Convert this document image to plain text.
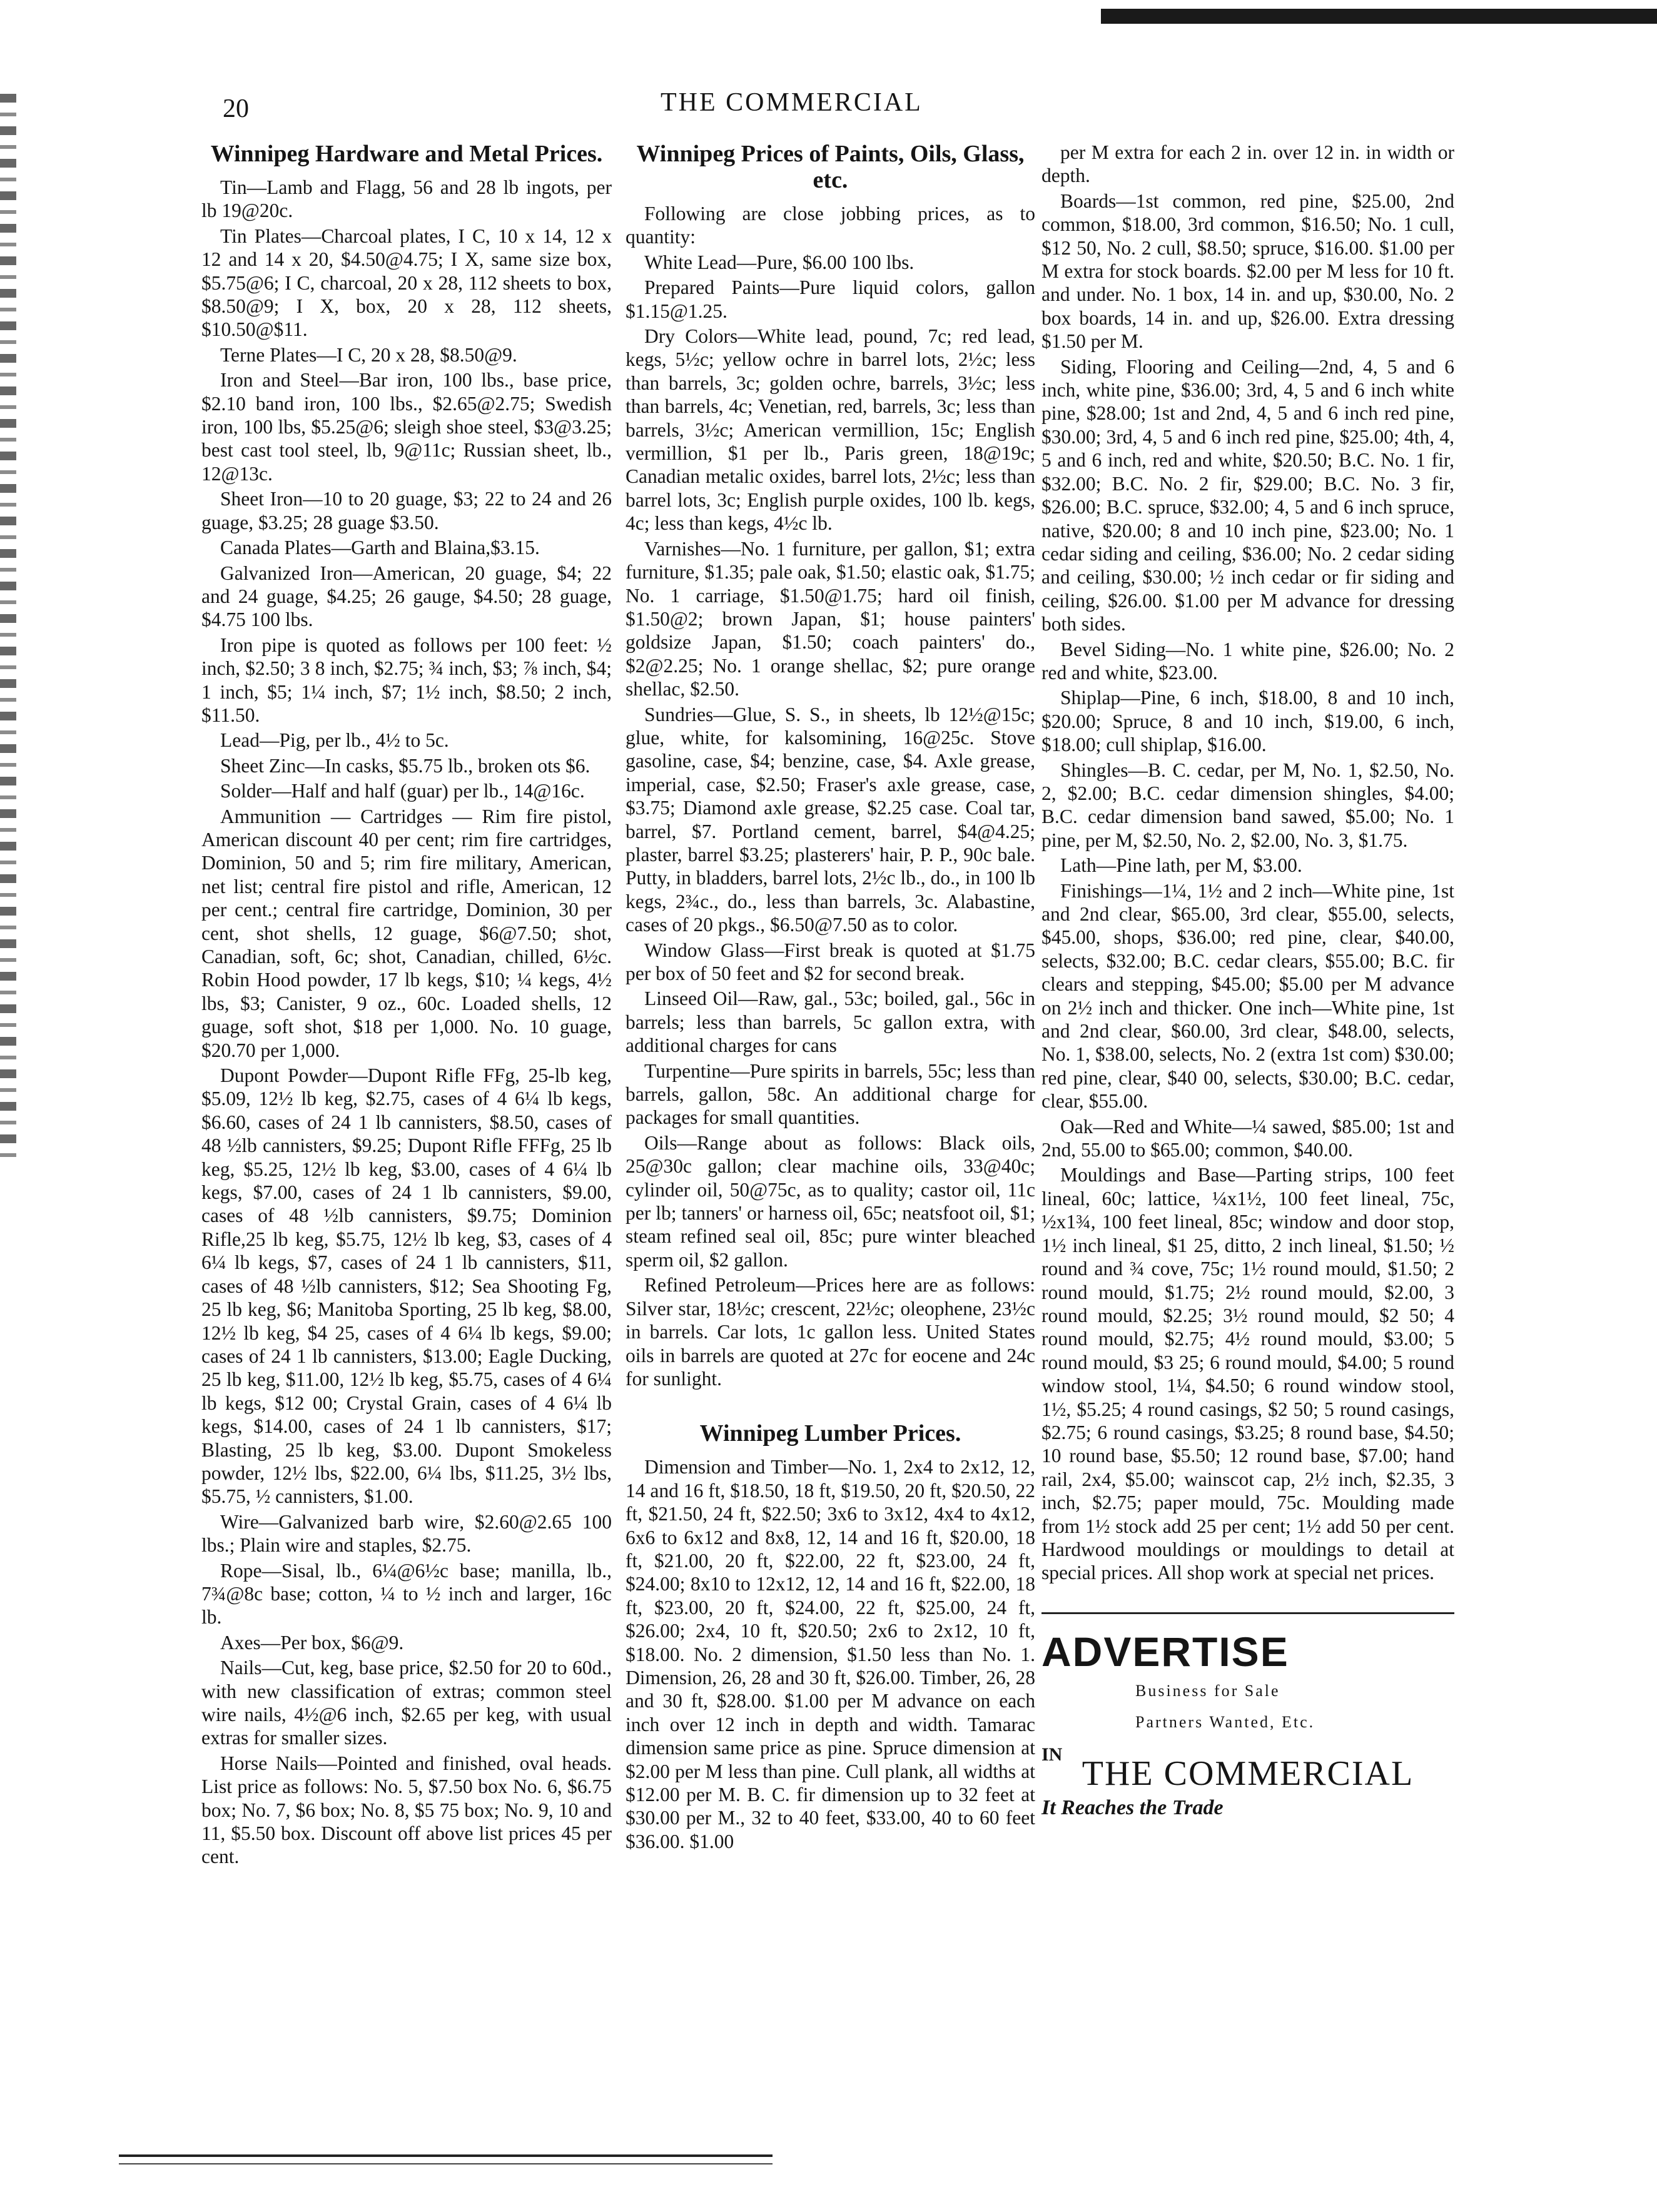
20	THE COMMERCIAL
Winnipeg Hardware and Metal Prices.

Tin—Lamb and Flagg, 56 and 28 lb ingots, per lb 19@20c.

Tin Plates—Charcoal plates, I C, 10 x 14, 12 x 12 and 14 x 20, $4.50@4.75; I X, same size box, $5.75@6; I C, charcoal, 20 x 28, 112 sheets to box, $8.50@9; I X, box, 20 x 28, 112 sheets, $10.50@$11.

Terne Plates—I C, 20 x 28, $8.50@9.

Iron and Steel—Bar iron, 100 lbs., base price, $2.10 band iron, 100 lbs., $2.65@2.75; Swedish iron, 100 lbs, $5.25@6; sleigh shoe steel, $3@3.25; best cast tool steel, lb, 9@11c; Russian sheet, lb., 12@13c.

Sheet Iron—10 to 20 guage, $3; 22 to 24 and 26 guage, $3.25; 28 guage $3.50.

Canada Plates—Garth and Blaina,$3.15.

Galvanized Iron—American, 20 guage, $4; 22 and 24 guage, $4.25; 26 gauge, $4.50; 28 guage, $4.75 100 lbs.

Iron pipe is quoted as follows per 100 feet: ½ inch, $2.50; 3 8 inch, $2.75; ¾ inch, $3; ⅞ inch, $4; 1 inch, $5; 1¼ inch, $7; 1½ inch, $8.50; 2 inch, $11.50.

Lead—Pig, per lb., 4½ to 5c.

Sheet Zinc—In casks, $5.75 lb., broken ots $6.

Solder—Half and half (guar) per lb., 14@16c.

Ammunition — Cartridges — Rim fire pistol, American discount 40 per cent; rim fire cartridges, Dominion, 50 and 5; rim fire military, American, net list; central fire pistol and rifle, American, 12 per cent.; central fire cartridge, Dominion, 30 per cent, shot shells, 12 guage, $6@7.50; shot, Canadian, soft, 6c; shot, Canadian, chilled, 6½c. Robin Hood powder, 17 lb kegs, $10; ¼ kegs, 4½ lbs, $3; Canister, 9 oz., 60c. Loaded shells, 12 guage, soft shot, $18 per 1,000. No. 10 guage, $20.70 per 1,000.

Dupont Powder—Dupont Rifle FFg, 25-lb keg, $5.09, 12½ lb keg, $2.75, cases of 4 6¼ lb kegs, $6.60, cases of 24 1 lb cannisters, $8.50, cases of 48 ½lb cannisters, $9.25; Dupont Rifle FFFg, 25 lb keg, $5.25, 12½ lb keg, $3.00, cases of 4 6¼ lb kegs, $7.00, cases of 24 1 lb cannisters, $9.00, cases of 48 ½lb cannisters, $9.75; Dominion Rifle,25 lb keg, $5.75, 12½ lb keg, $3, cases of 4 6¼ lb kegs, $7, cases of 24 1 lb cannisters, $11, cases of 48 ½lb cannisters, $12; Sea Shooting Fg, 25 lb keg, $6; Manitoba Sporting, 25 lb keg, $8.00, 12½ lb keg, $4 25, cases of 4 6¼ lb kegs, $9.00; cases of 24 1 lb cannisters, $13.00; Eagle Ducking, 25 lb keg, $11.00, 12½ lb keg, $5.75, cases of 4 6¼ lb kegs, $12 00; Crystal Grain, cases of 4 6¼ lb kegs, $14.00, cases of 24 1 lb cannisters, $17; Blasting, 25 lb keg, $3.00. Dupont Smokeless powder, 12½ lbs, $22.00, 6¼ lbs, $11.25, 3½ lbs, $5.75, ½ cannisters, $1.00.

Wire—Galvanized barb wire, $2.60@2.65 100 lbs.; Plain wire and staples, $2.75.

Rope—Sisal, lb., 6¼@6½c base; manilla, lb., 7¾@8c base; cotton, ¼ to ½ inch and larger, 16c lb.

Axes—Per box, $6@9.

Nails—Cut, keg, base price, $2.50 for 20 to 60d., with new classification of extras; common steel wire nails, 4½@6 inch, $2.65 per keg, with usual extras for smaller sizes.

Horse Nails—Pointed and finished, oval heads. List price as follows: No. 5, $7.50 box No. 6, $6.75 box; No. 7, $6 box; No. 8, $5 75 box; No. 9, 10 and 11, $5.50 box. Discount off above list prices 45 per cent.

Winnipeg Prices of Paints, Oils, Glass, etc.

Following are close jobbing prices, as to quantity:

White Lead—Pure, $6.00 100 lbs.

Prepared Paints—Pure liquid colors, gallon $1.15@1.25.

Dry Colors—White lead, pound, 7c; red lead, kegs, 5½c; yellow ochre in barrel lots, 2½c; less than barrels, 3c; golden ochre, barrels, 3½c; less than barrels, 4c; Venetian, red, barrels, 3c; less than barrels, 3½c; American vermillion, 15c; English vermillion, $1 per lb., Paris green, 18@19c; Canadian metalic oxides, barrel lots, 2½c; less than barrel lots, 3c; English purple oxides, 100 lb. kegs, 4c; less than kegs, 4½c lb.

Varnishes—No. 1 furniture, per gallon, $1; extra furniture, $1.35; pale oak, $1.50; elastic oak, $1.75; No. 1 carriage, $1.50@1.75; hard oil finish, $1.50@2; brown Japan, $1; house painters' goldsize Japan, $1.50; coach painters' do., $2@2.25; No. 1 orange shellac, $2; pure orange shellac, $2.50.

Sundries—Glue, S. S., in sheets, lb 12½@15c; glue, white, for kalsomining, 16@25c. Stove gasoline, case, $4; benzine, case, $4. Axle grease, imperial, case, $2.50; Fraser's axle grease, case, $3.75; Diamond axle grease, $2.25 case. Coal tar, barrel, $7. Portland cement, barrel, $4@4.25; plaster, barrel $3.25; plasterers' hair, P. P., 90c bale. Putty, in bladders, barrel lots, 2½c lb., do., in 100 lb kegs, 2¾c., do., less than barrels, 3c. Alabastine, cases of 20 pkgs., $6.50@7.50 as to color.

Window Glass—First break is quoted at $1.75 per box of 50 feet and $2 for second break.

Linseed Oil—Raw, gal., 53c; boiled, gal., 56c in barrels; less than barrels, 5c gallon extra, with additional charges for cans

Turpentine—Pure spirits in barrels, 55c; less than barrels, gallon, 58c. An additional charge for packages for small quantities.

Oils—Range about as follows: Black oils, 25@30c gallon; clear machine oils, 33@40c; cylinder oil, 50@75c, as to quality; castor oil, 11c per lb; tanners' or harness oil, 65c; neatsfoot oil, $1; steam refined seal oil, 85c; pure winter bleached sperm oil, $2 gallon.

Refined Petroleum—Prices here are as follows: Silver star, 18½c; crescent, 22½c; oleophene, 23½c in barrels. Car lots, 1c gallon less. United States oils in barrels are quoted at 27c for eocene and 24c for sunlight.

Winnipeg Lumber Prices.

Dimension and Timber—No. 1, 2x4 to 2x12, 12, 14 and 16 ft, $18.50, 18 ft, $19.50, 20 ft, $20.50, 22 ft, $21.50, 24 ft, $22.50; 3x6 to 3x12, 4x4 to 4x12, 6x6 to 6x12 and 8x8, 12, 14 and 16 ft, $20.00, 18 ft, $21.00, 20 ft, $22.00, 22 ft, $23.00, 24 ft, $24.00; 8x10 to 12x12, 12, 14 and 16 ft, $22.00, 18 ft, $23.00, 20 ft, $24.00, 22 ft, $25.00, 24 ft, $26.00; 2x4, 10 ft, $20.50; 2x6 to 2x12, 10 ft, $18.00. No. 2 dimension, $1.50 less than No. 1. Dimension, 26, 28 and 30 ft, $26.00. Timber, 26, 28 and 30 ft, $28.00. $1.00 per M advance on each inch over 12 inch in depth and width. Tamarac dimension same price as pine. Spruce dimension at $2.00 per M less than pine. Cull plank, all widths at $12.00 per M. B. C. fir dimension up to 32 feet at $30.00 per M., 32 to 40 feet, $33.00, 40 to 60 feet $36.00. $1.00

per M extra for each 2 in. over 12 in. in width or depth.

Boards—1st common, red pine, $25.00, 2nd common, $18.00, 3rd common, $16.50; No. 1 cull, $12 50, No. 2 cull, $8.50; spruce, $16.00. $1.00 per M extra for stock boards. $2.00 per M less for 10 ft. and under. No. 1 box, 14 in. and up, $30.00, No. 2 box boards, 14 in. and up, $26.00. Extra dressing $1.50 per M.

Siding, Flooring and Ceiling—2nd, 4, 5 and 6 inch, white pine, $36.00; 3rd, 4, 5 and 6 inch white pine, $28.00; 1st and 2nd, 4, 5 and 6 inch red pine, $30.00; 3rd, 4, 5 and 6 inch red pine, $25.00; 4th, 4, 5 and 6 inch, red and white, $20.50; B.C. No. 1 fir, $32.00; B.C. No. 2 fir, $29.00; B.C. No. 3 fir, $26.00; B.C. spruce, $32.00; 4, 5 and 6 inch spruce, native, $20.00; 8 and 10 inch pine, $23.00; No. 1 cedar siding and ceiling, $36.00; No. 2 cedar siding and ceiling, $30.00; ½ inch cedar or fir siding and ceiling, $26.00. $1.00 per M advance for dressing both sides.

Bevel Siding—No. 1 white pine, $26.00; No. 2 red and white, $23.00.

Shiplap—Pine, 6 inch, $18.00, 8 and 10 inch, $20.00; Spruce, 8 and 10 inch, $19.00, 6 inch, $18.00; cull shiplap, $16.00.

Shingles—B. C. cedar, per M, No. 1, $2.50, No. 2, $2.00; B.C. cedar dimension shingles, $4.00; B.C. cedar dimension band sawed, $5.00; No. 1 pine, per M, $2.50, No. 2, $2.00, No. 3, $1.75.

Lath—Pine lath, per M, $3.00.

Finishings—1¼, 1½ and 2 inch—White pine, 1st and 2nd clear, $65.00, 3rd clear, $55.00, selects, $45.00, shops, $36.00; red pine, clear, $40.00, selects, $32.00; B.C. cedar clears, $55.00; B.C. fir clears and stepping, $45.00; $5.00 per M advance on 2½ inch and thicker. One inch—White pine, 1st and 2nd clear, $60.00, 3rd clear, $48.00, selects, No. 1, $38.00, selects, No. 2 (extra 1st com) $30.00; red pine, clear, $40 00, selects, $30.00; B.C. cedar, clear, $55.00.

Oak—Red and White—¼ sawed, $85.00; 1st and 2nd, 55.00 to $65.00; common, $40.00.

Mouldings and Base—Parting strips, 100 feet lineal, 60c; lattice, ¼x1½, 100 feet lineal, 75c, ½x1¾, 100 feet lineal, 85c; window and door stop, 1½ inch lineal, $1 25, ditto, 2 inch lineal, $1.50; ½ round and ¾ cove, 75c; 1½ round mould, $1.50; 2 round mould, $1.75; 2½ round mould, $2.00, 3 round mould, $2.25; 3½ round mould, $2 50; 4 round mould, $2.75; 4½ round mould, $3.00; 5 round mould, $3 25; 6 round mould, $4.00; 5 round window stool, 1¼, $4.50; 6 round window stool, 1½, $5.25; 4 round casings, $2 50; 5 round casings, $2.75; 6 round casings, $3.25; 8 round base, $4.50; 10 round base, $5.50; 12 round base, $7.00; hand rail, 2x4, $5.00; wainscot cap, 2½ inch, $2.35, 3 inch, $2.75; paper mould, 75c. Moulding made from 1½ stock add 25 per cent; 1½ add 50 per cent. Hardwood mouldings or mouldings to detail at special prices. All shop work at special net prices.

ADVERTISE
Business for Sale
Partners Wanted, Etc.
IN THE COMMERCIAL
It Reaches the Trade
